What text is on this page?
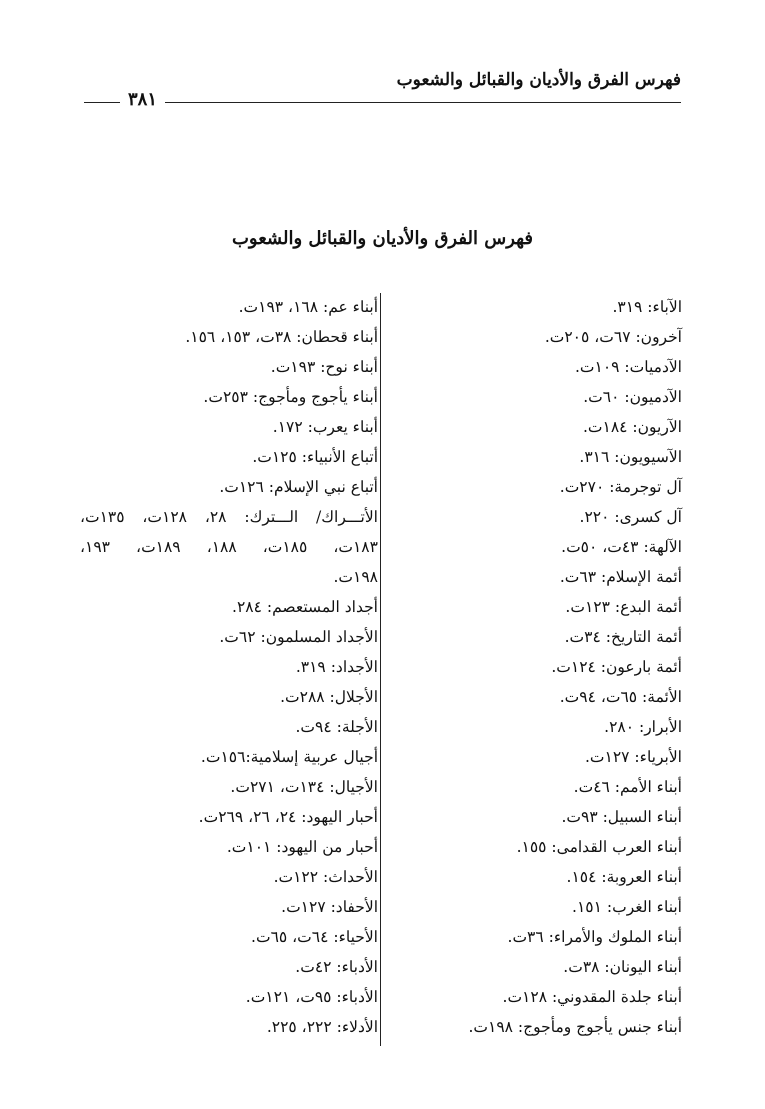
فهرس الفرق والأديان والقبائل والشعوب
٣٨١
فهرس الفرق والأديان والقبائل والشعوب
الآباء: ٣١٩.
آخرون: ٦٧ت، ٢٠٥ت.
الآدميات: ١٠٩ت.
الآدميون: ٦٠ت.
الآريون: ١٨٤ت.
الآسيويون: ٣١٦.
آل توجرمة: ٢٧٠ت.
آل كسرى: ٢٢٠.
الآلهة: ٤٣ت، ٥٠ت.
أئمة الإسلام: ٦٣ت.
أئمة البدع: ١٢٣ت.
أئمة التاريخ: ٣٤ت.
أئمة بارعون: ١٢٤ت.
الأئمة: ٦٥ت، ٩٤ت.
الأبرار: ٢٨٠.
الأبرياء: ١٢٧ت.
أبناء الأمم: ٤٦ت.
أبناء السبيل: ٩٣ت.
أبناء العرب القدامى: ١٥٥.
أبناء العروبة: ١٥٤.
أبناء الغرب: ١٥١.
أبناء الملوك والأمراء: ٣٦ت.
أبناء اليونان: ٣٨ت.
أبناء جلدة المقدوني: ١٢٨ت.
أبناء جنس يأجوج ومأجوج: ١٩٨ت.
أبناء عم: ١٦٨، ١٩٣ت.
أبناء قحطان: ٣٨ت، ١٥٣، ١٥٦.
أبناء نوح: ١٩٣ت.
أبناء يأجوج ومأجوج: ٢٥٣ت.
أبناء يعرب: ١٧٢.
أتباع الأنبياء: ١٢٥ت.
أتباع نبي الإسلام: ١٢٦ت.
الأتـــراك/ الـــترك: ٢٨، ١٢٨ت، ١٣٥ت،
١٨٣ت، ١٨٥ت، ١٨٨، ١٨٩ت، ١٩٣،
١٩٨ت.
أجداد المستعصم: ٢٨٤.
الأجداد المسلمون: ٦٢ت.
الأجداد: ٣١٩.
الأجلال: ٢٨٨ت.
الأجلة: ٩٤ت.
أجيال عربية إسلامية:١٥٦ت.
الأجيال: ١٣٤ت، ٢٧١ت.
أحبار اليهود: ٢٤، ٢٦، ٢٦٩ت.
أحبار من اليهود: ١٠١ت.
الأحداث: ١٢٢ت.
الأحفاد: ١٢٧ت.
الأحياء: ٦٤ت، ٦٥ت.
الأدباء: ٤٢ت.
الأدباء: ٩٥ت، ١٢١ت.
الأدلاء: ٢٢٢، ٢٢٥.
